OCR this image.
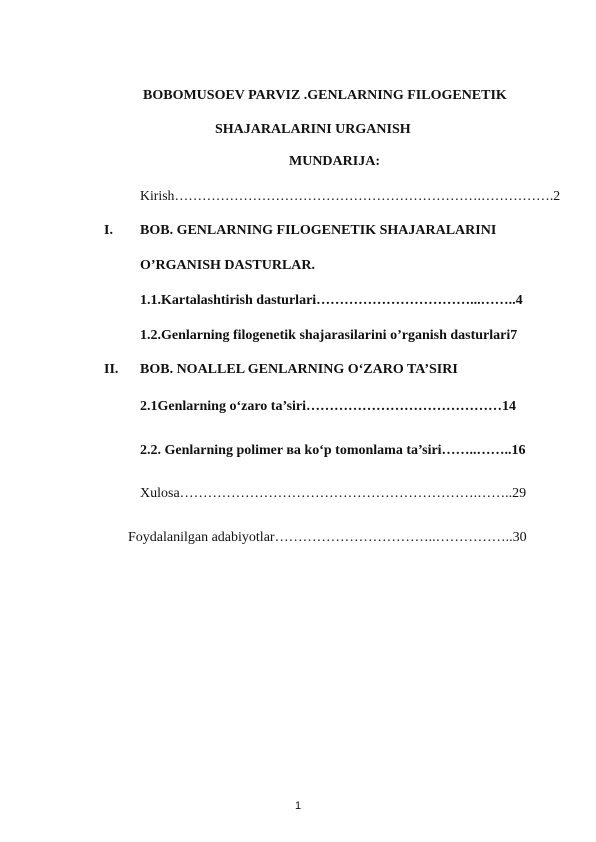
BOBOMUSOEV PARVIZ .GENLARNING FILOGENETIK
SHAJARALARINI URGANISH
MUNDARIJA:
Kirish………………………………………………………….…………….2
I. BOB. GENLARNING FILOGENETIK SHAJARALARINI
O’RGANISH DASTURLAR.
1.1.Kartalashtirish dasturlari……………………………...……..4
1.2.Genlarning filogenetik shajarasilarini o’rganish dasturlari7
II. BOB. NOALLEL GENLARNING O‘ZARO TA’SIRI
2.1Genlarning o‘zaro ta’siri……………………………………14
2.2. Genlarning polimer ва ko‘p tomonlama ta’siri……..……..16
Xulosa……………………………………………………….……..29
Foydalanilgan adabiyotlar……………………………..……………..30
1
